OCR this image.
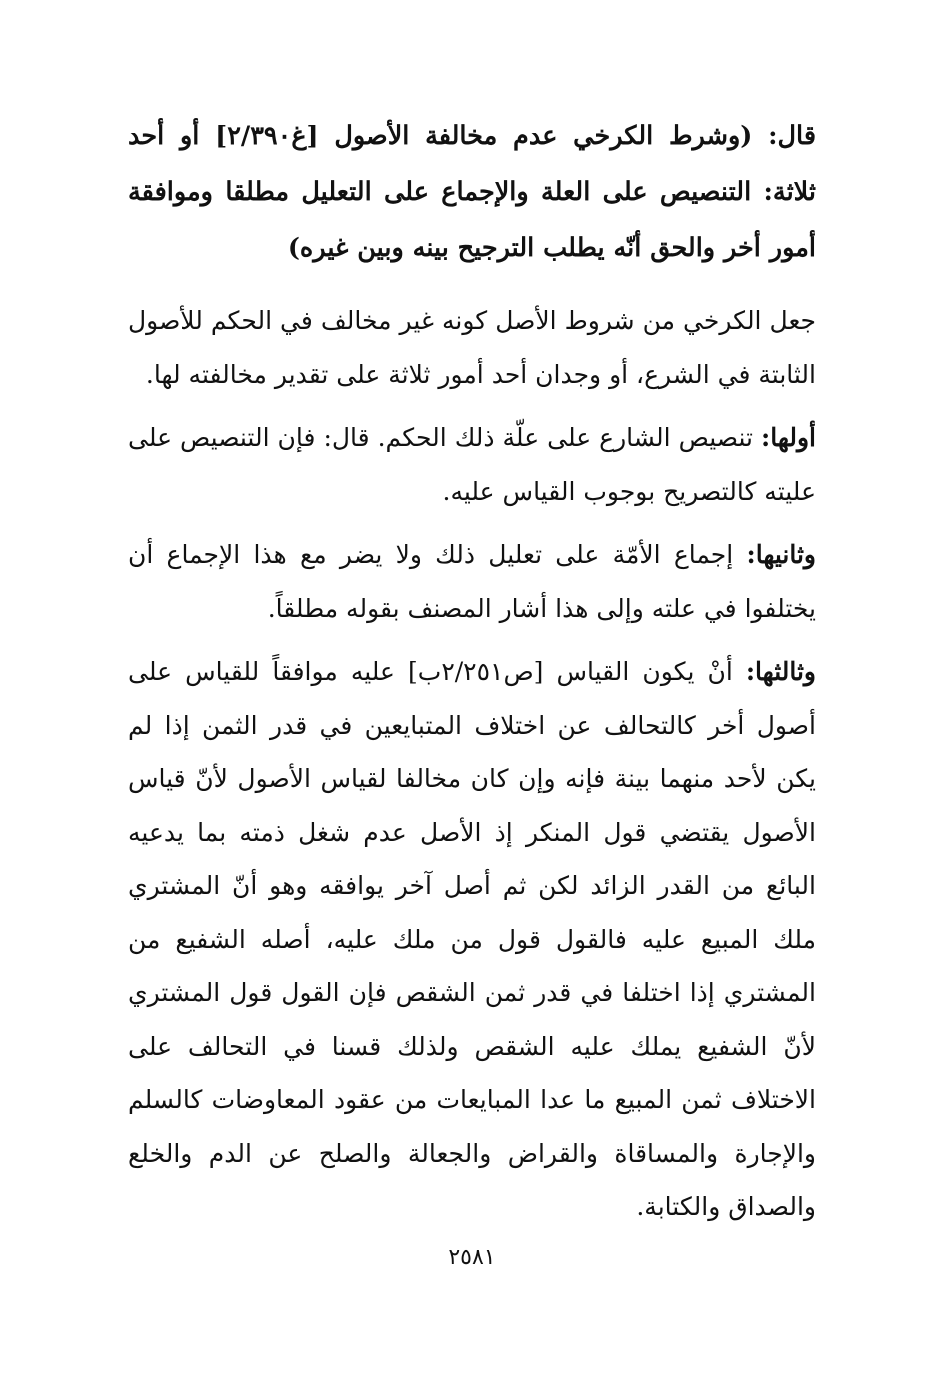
قال: (وشرط الكرخي عدم مخالفة الأصول [غ٢/٣٩٠] أو أحد ثلاثة: التنصيص على العلة والإجماع على التعليل مطلقا وموافقة أمور أخر والحق أنّه يطلب الترجيح بينه وبين غيره)

جعل الكرخي من شروط الأصل كونه غير مخالف في الحكم للأصول الثابتة في الشرع، أو وجدان أحد أمور ثلاثة على تقدير مخالفته لها.

أولها: تنصيص الشارع على علّة ذلك الحكم. قال: فإن التنصيص على عليته كالتصريح بوجوب القياس عليه.

وثانيها: إجماع الأمّة على تعليل ذلك ولا يضر مع هذا الإجماع أن يختلفوا في علته وإلى هذا أشار المصنف بقوله مطلقاً.

وثالثها: أنْ يكون القياس [ص٢/٢٥١ب] عليه موافقاً للقياس على أصول أخر كالتحالف عن اختلاف المتبايعين في قدر الثمن إذا لم يكن لأحد منهما بينة فإنه وإن كان مخالفا لقياس الأصول لأنّ قياس الأصول يقتضي قول المنكر إذ الأصل عدم شغل ذمته بما يدعيه البائع من القدر الزائد لكن ثم أصل آخر يوافقه وهو أنّ المشتري ملك المبيع عليه فالقول قول من ملك عليه، أصله الشفيع من المشتري إذا اختلفا في قدر ثمن الشقص فإن القول قول المشتري لأنّ الشفيع يملك عليه الشقص ولذلك قسنا في التحالف على الاختلاف ثمن المبيع ما عدا المبايعات من عقود المعاوضات كالسلم والإجارة والمساقاة والقراض والجعالة والصلح عن الدم والخلع والصداق والكتابة.

٢٥٨١
